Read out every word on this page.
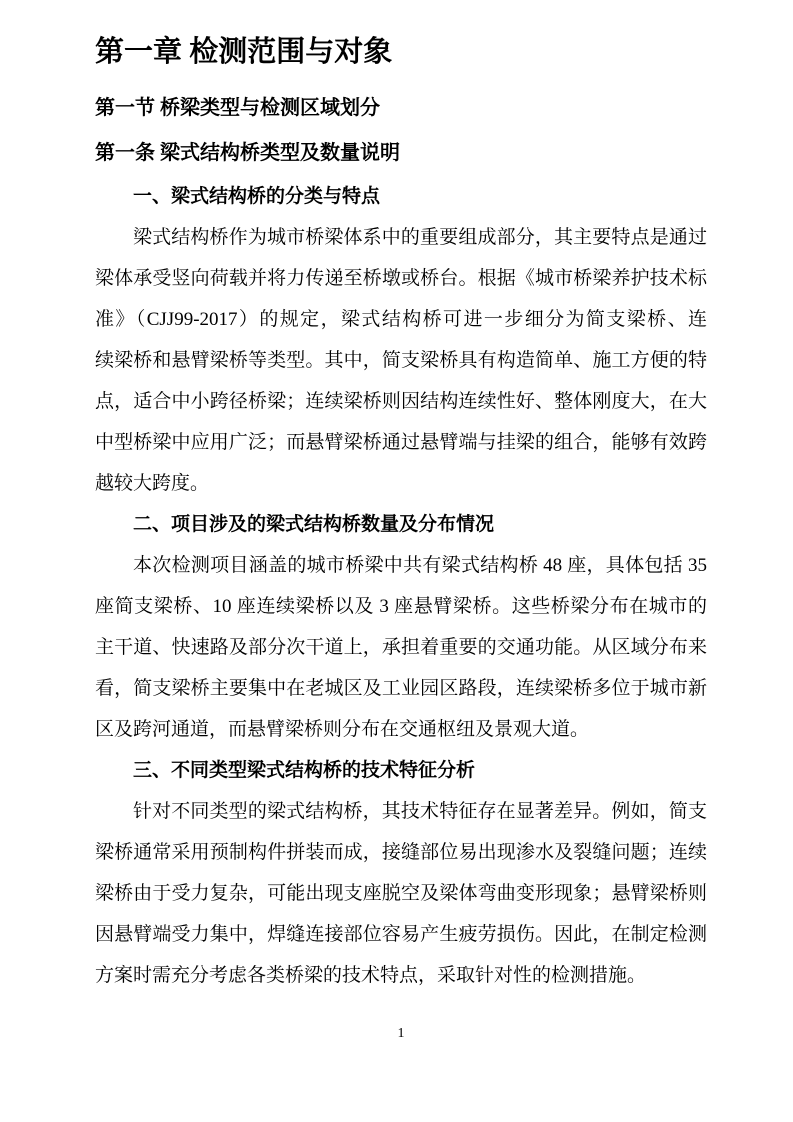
第一章 检测范围与对象
第一节 桥梁类型与检测区域划分
第一条 梁式结构桥类型及数量说明
一、梁式结构桥的分类与特点
梁式结构桥作为城市桥梁体系中的重要组成部分，其主要特点是通过
梁体承受竖向荷载并将力传递至桥墩或桥台。根据《城市桥梁养护技术标
准》（CJJ99-2017）的规定，梁式结构桥可进一步细分为简支梁桥、连
续梁桥和悬臂梁桥等类型。其中，简支梁桥具有构造简单、施工方便的特
点，适合中小跨径桥梁；连续梁桥则因结构连续性好、整体刚度大，在大
中型桥梁中应用广泛；而悬臂梁桥通过悬臂端与挂梁的组合，能够有效跨
越较大跨度。
二、项目涉及的梁式结构桥数量及分布情况
本次检测项目涵盖的城市桥梁中共有梁式结构桥 48 座，具体包括 35
座简支梁桥、10 座连续梁桥以及 3 座悬臂梁桥。这些桥梁分布在城市的
主干道、快速路及部分次干道上，承担着重要的交通功能。从区域分布来
看，简支梁桥主要集中在老城区及工业园区路段，连续梁桥多位于城市新
区及跨河通道，而悬臂梁桥则分布在交通枢纽及景观大道。
三、不同类型梁式结构桥的技术特征分析
针对不同类型的梁式结构桥，其技术特征存在显著差异。例如，简支
梁桥通常采用预制构件拼装而成，接缝部位易出现渗水及裂缝问题；连续
梁桥由于受力复杂，可能出现支座脱空及梁体弯曲变形现象；悬臂梁桥则
因悬臂端受力集中，焊缝连接部位容易产生疲劳损伤。因此，在制定检测
方案时需充分考虑各类桥梁的技术特点，采取针对性的检测措施。
1
